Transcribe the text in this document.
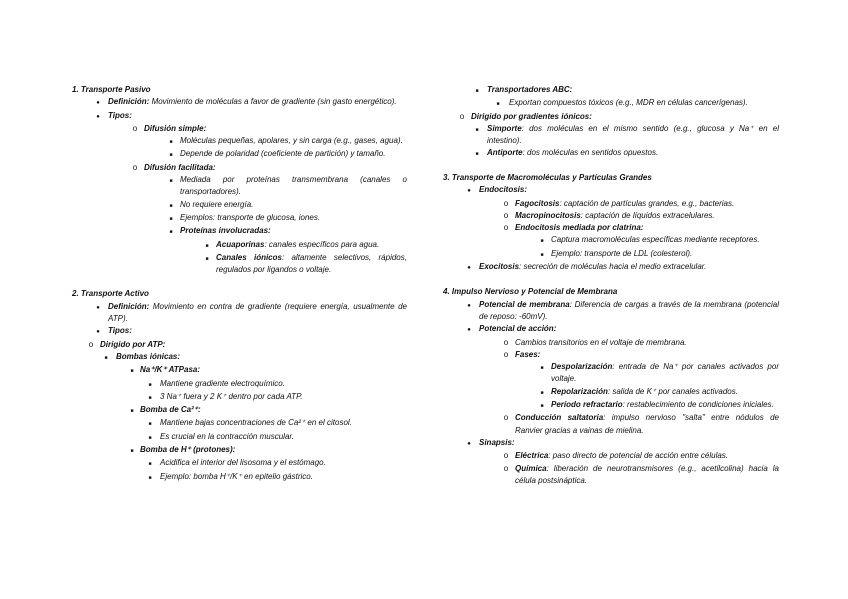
1. Transporte Pasivo
●
Definición: Movimiento de moléculas a favor de gradiente (sin gasto energético).
●
Tipos:
o
Difusión simple:
■
Moléculas pequeñas, apolares, y sin carga (e.g., gases, agua).
■
Depende de polaridad (coeficiente de partición) y tamaño.
o
Difusión facilitada:
■
Mediada por proteínas transmembrana (canales o transportadores).
■
No requiere energía.
■
Ejemplos: transporte de glucosa, iones.
■
Proteínas involucradas:
■
Acuaporinas: canales específicos para agua.
■
Canales iónicos: altamente selectivos, rápidos, regulados por ligandos o voltaje.
2. Transporte Activo
●
Definición: Movimiento en contra de gradiente (requiere energía, usualmente de ATP).
●
Tipos:
o
Dirigido por ATP:
■
Bombas iónicas:
■
Na⁺/K⁺ ATPasa:
■
Mantiene gradiente electroquímico.
■
3 Na⁺ fuera y 2 K⁺ dentro por cada ATP.
■
Bomba de Ca²⁺:
■
Mantiene bajas concentraciones de Ca²⁺ en el citosol.
■
Es crucial en la contracción muscular.
■
Bomba de H⁺ (protones):
■
Acidifica el interior del lisosoma y el estómago.
■
Ejemplo: bomba H⁺/K⁺ en epitelio gástrico.
■
Transportadores ABC:
■
Exportan compuestos tóxicos (e.g., MDR en células cancerígenas).
o
Dirigido por gradientes iónicos:
■
Simporte: dos moléculas en el mismo sentido (e.g., glucosa y Na⁺ en el intestino).
■
Antiporte: dos moléculas en sentidos opuestos.
3. Transporte de Macromoléculas y Partículas Grandes
●
Endocitosis:
o
Fagocitosis: captación de partículas grandes, e.g., bacterias.
o
Macropinocitosis: captación de líquidos extracelulares.
o
Endocitosis mediada por clatrina:
■
Captura macromoléculas específicas mediante receptores.
■
Ejemplo: transporte de LDL (colesterol).
●
Exocitosis: secreción de moléculas hacia el medio extracelular.
4. Impulso Nervioso y Potencial de Membrana
●
Potencial de membrana: Diferencia de cargas a través de la membrana (potencial de reposo: -60mV).
●
Potencial de acción:
o
Cambios transitorios en el voltaje de membrana.
o
Fases:
■
Despolarización: entrada de Na⁺ por canales activados por voltaje.
■
Repolarización: salida de K⁺ por canales activados.
■
Período refractario: restablecimiento de condiciones iniciales.
o
Conducción saltatoria: impulso nervioso "salta" entre nódulos de Ranvier gracias a vainas de mielina.
●
Sinapsis:
o
Eléctrica: paso directo de potencial de acción entre células.
o
Química: liberación de neurotransmisores (e.g., acetilcolina) hacia la célula postsináptica.
